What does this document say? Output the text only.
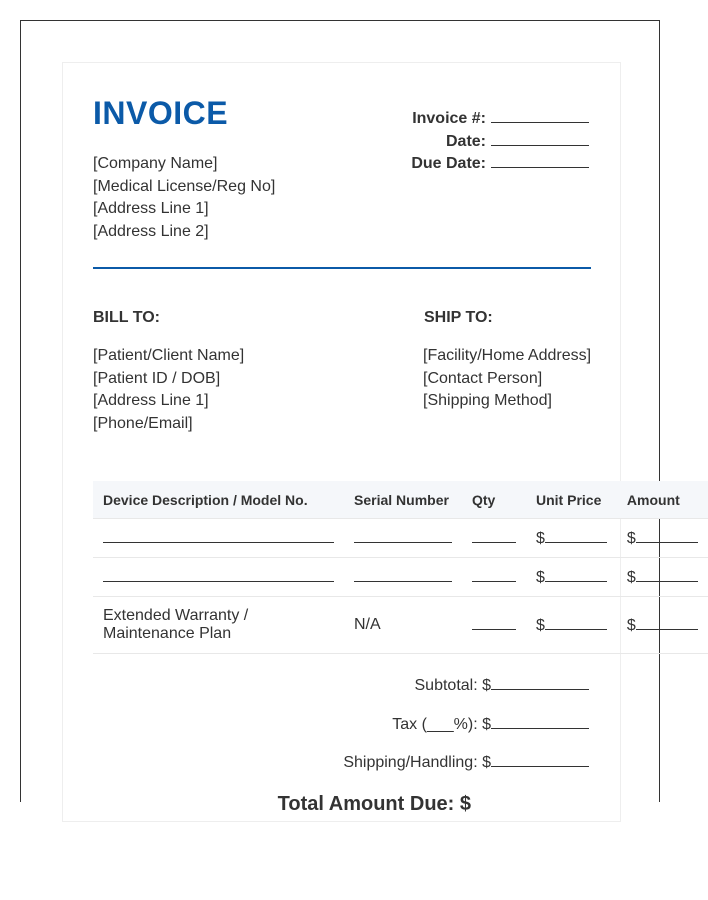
INVOICE
[Company Name]
[Medical License/Reg No]
[Address Line 1]
[Address Line 2]
Invoice #:
Date:
Due Date:
BILL TO:
[Patient/Client Name]
[Patient ID / DOB]
[Address Line 1]
[Phone/Email]
SHIP TO:
[Facility/Home Address]
[Contact Person]
[Shipping Method]
Device Description / Model No.	Serial Number	Qty	Unit Price	Amount
			$	$
			$	$

Extended Warranty /
Maintenance Plan	N/A		$	$
Subtotal: $
Tax (___%): $
Shipping/Handling: $
Total Amount Due: $
